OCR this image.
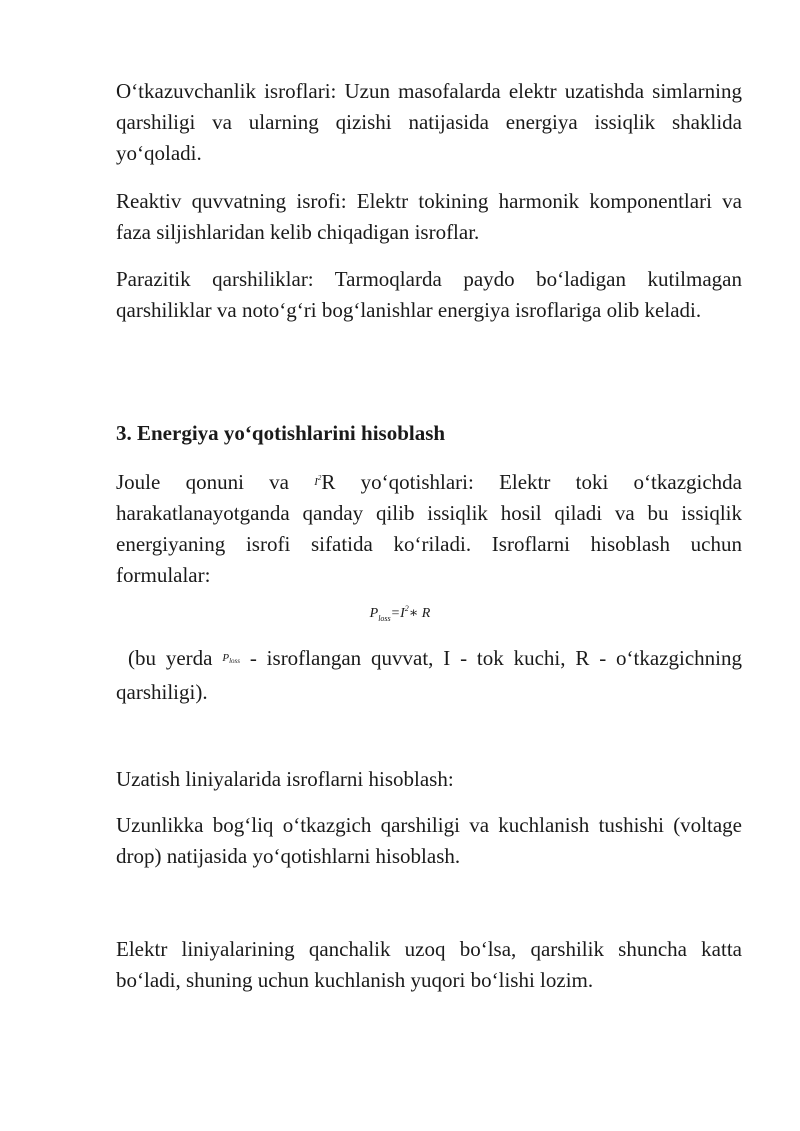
O‘tkazuvchanlik isroflari: Uzun masofalarda elektr uzatishda simlarning qarshiligi va ularning qizishi natijasida energiya issiqlik shaklida yo‘qoladi.

Reaktiv quvvatning isrofi: Elektr tokining harmonik komponentlari va faza siljishlaridan kelib chiqadigan isroflar.

Parazitik qarshiliklar: Tarmoqlarda paydo bo‘ladigan kutilmagan qarshiliklar va noto‘g‘ri bog‘lanishlar energiya isroflariga olib keladi.

3. Energiya yo‘qotishlarini hisoblash

Joule qonuni va $I^2R$ yo‘qotishlari: Elektr toki o‘tkazgichda harakatlanayotganda qanday qilib issiqlik hosil qiladi va bu issiqlik energiyaning isrofi sifatida ko‘riladi. Isroflarni hisoblash uchun formulalar:

$P_{loss}=I^2∗$ R

(bu yerda Ploss - isroflangan quvvat, I - tok kuchi, R - o‘tkazgichning qarshiligi).

Uzatish liniyalarida isroflarni hisoblash:

Uzunlikka bog‘liq o‘tkazgich qarshiligi va kuchlanish tushishi (voltage drop) natijasida yo‘qotishlarni hisoblash.

Elektr liniyalarining qanchalik uzoq bo‘lsa, qarshilik shuncha katta bo‘ladi, shuning uchun kuchlanish yuqori bo‘lishi lozim.
